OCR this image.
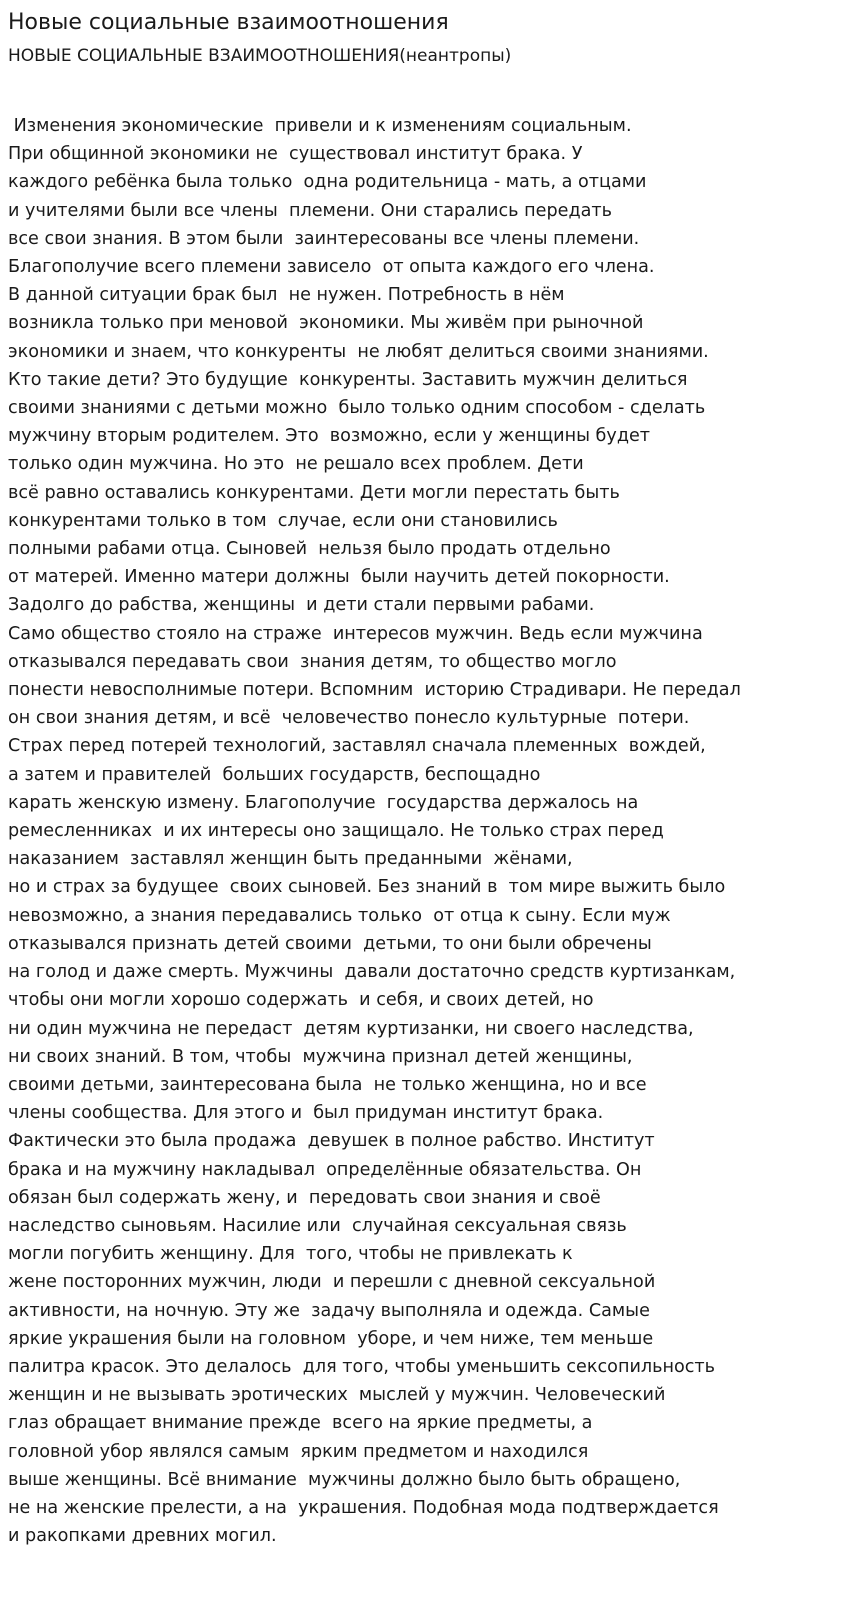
Новые социальные взаимоотношения
НОВЫЕ СОЦИАЛЬНЫЕ ВЗАИМООТНОШЕНИЯ(неантропы)
Изменения экономические  привели и к изменениям социальным.
При общинной экономики не  существовал институт брака. У
каждого ребёнка была только  одна родительница - мать, а отцами
и учителями были все члены  племени. Они старались передать
все свои знания. В этом были  заинтересованы все члены племени.
Благополучие всего племени зависело  от опыта каждого его члена.
В данной ситуации брак был  не нужен. Потребность в нём
возникла только при меновой  экономики. Мы живём при рыночной
экономики и знаем, что конкуренты  не любят делиться своими знаниями.
Кто такие дети? Это будущие  конкуренты. Заставить мужчин делиться
своими знаниями с детьми можно  было только одним способом - сделать
мужчину вторым родителем. Это  возможно, если у женщины будет
только один мужчина. Но это  не решало всех проблем. Дети
всё равно оставались конкурентами. Дети могли перестать быть
конкурентами только в том  случае, если они становились
полными рабами отца. Сыновей  нельзя было продать отдельно
от матерей. Именно матери должны  были научить детей покорности.
Задолго до рабства, женщины  и дети стали первыми рабами.
Само общество стояло на страже  интересов мужчин. Ведь если мужчина
отказывался передавать свои  знания детям, то общество могло
понести невосполнимые потери. Вспомним  историю Страдивари. Не передал
он свои знания детям, и всё  человечество понесло культурные  потери.
Страх перед потерей технологий, заставлял сначала племенных  вождей,
а затем и правителей  больших государств, беспощадно
карать женскую измену. Благополучие  государства держалось на
ремесленниках  и их интересы оно защищало. Не только страх перед
наказанием  заставлял женщин быть преданными  жёнами,
но и страх за будущее  своих сыновей. Без знаний в  том мире выжить было
невозможно, а знания передавались только  от отца к сыну. Если муж
отказывался признать детей своими  детьми, то они были обречены
на голод и даже смерть. Мужчины  давали достаточно средств куртизанкам,
чтобы они могли хорошо содержать  и себя, и своих детей, но
ни один мужчина не передаст  детям куртизанки, ни своего наследства,
ни своих знаний. В том, чтобы  мужчина признал детей женщины,
своими детьми, заинтересована была  не только женщина, но и все
члены сообщества. Для этого и  был придуман институт брака.
Фактически это была продажа  девушек в полное рабство. Институт
брака и на мужчину накладывал  определённые обязательства. Он
обязан был содержать жену, и  передовать свои знания и своё
наследство сыновьям. Насилие или  случайная сексуальная связь
могли погубить женщину. Для  того, чтобы не привлекать к
жене посторонних мужчин, люди  и перешли с дневной сексуальной
активности, на ночную. Эту же  задачу выполняла и одежда. Самые
яркие украшения были на головном  уборе, и чем ниже, тем меньше
палитра красок. Это делалось  для того, чтобы уменьшить сексопильность
женщин и не вызывать эротических  мыслей у мужчин. Человеческий
глаз обращает внимание прежде  всего на яркие предметы, а
головной убор являлся самым  ярким предметом и находился
выше женщины. Всё внимание  мужчины должно было быть обращено,
не на женские прелести, а на  украшения. Подобная мода подтверждается
и ракопками древних могил.
